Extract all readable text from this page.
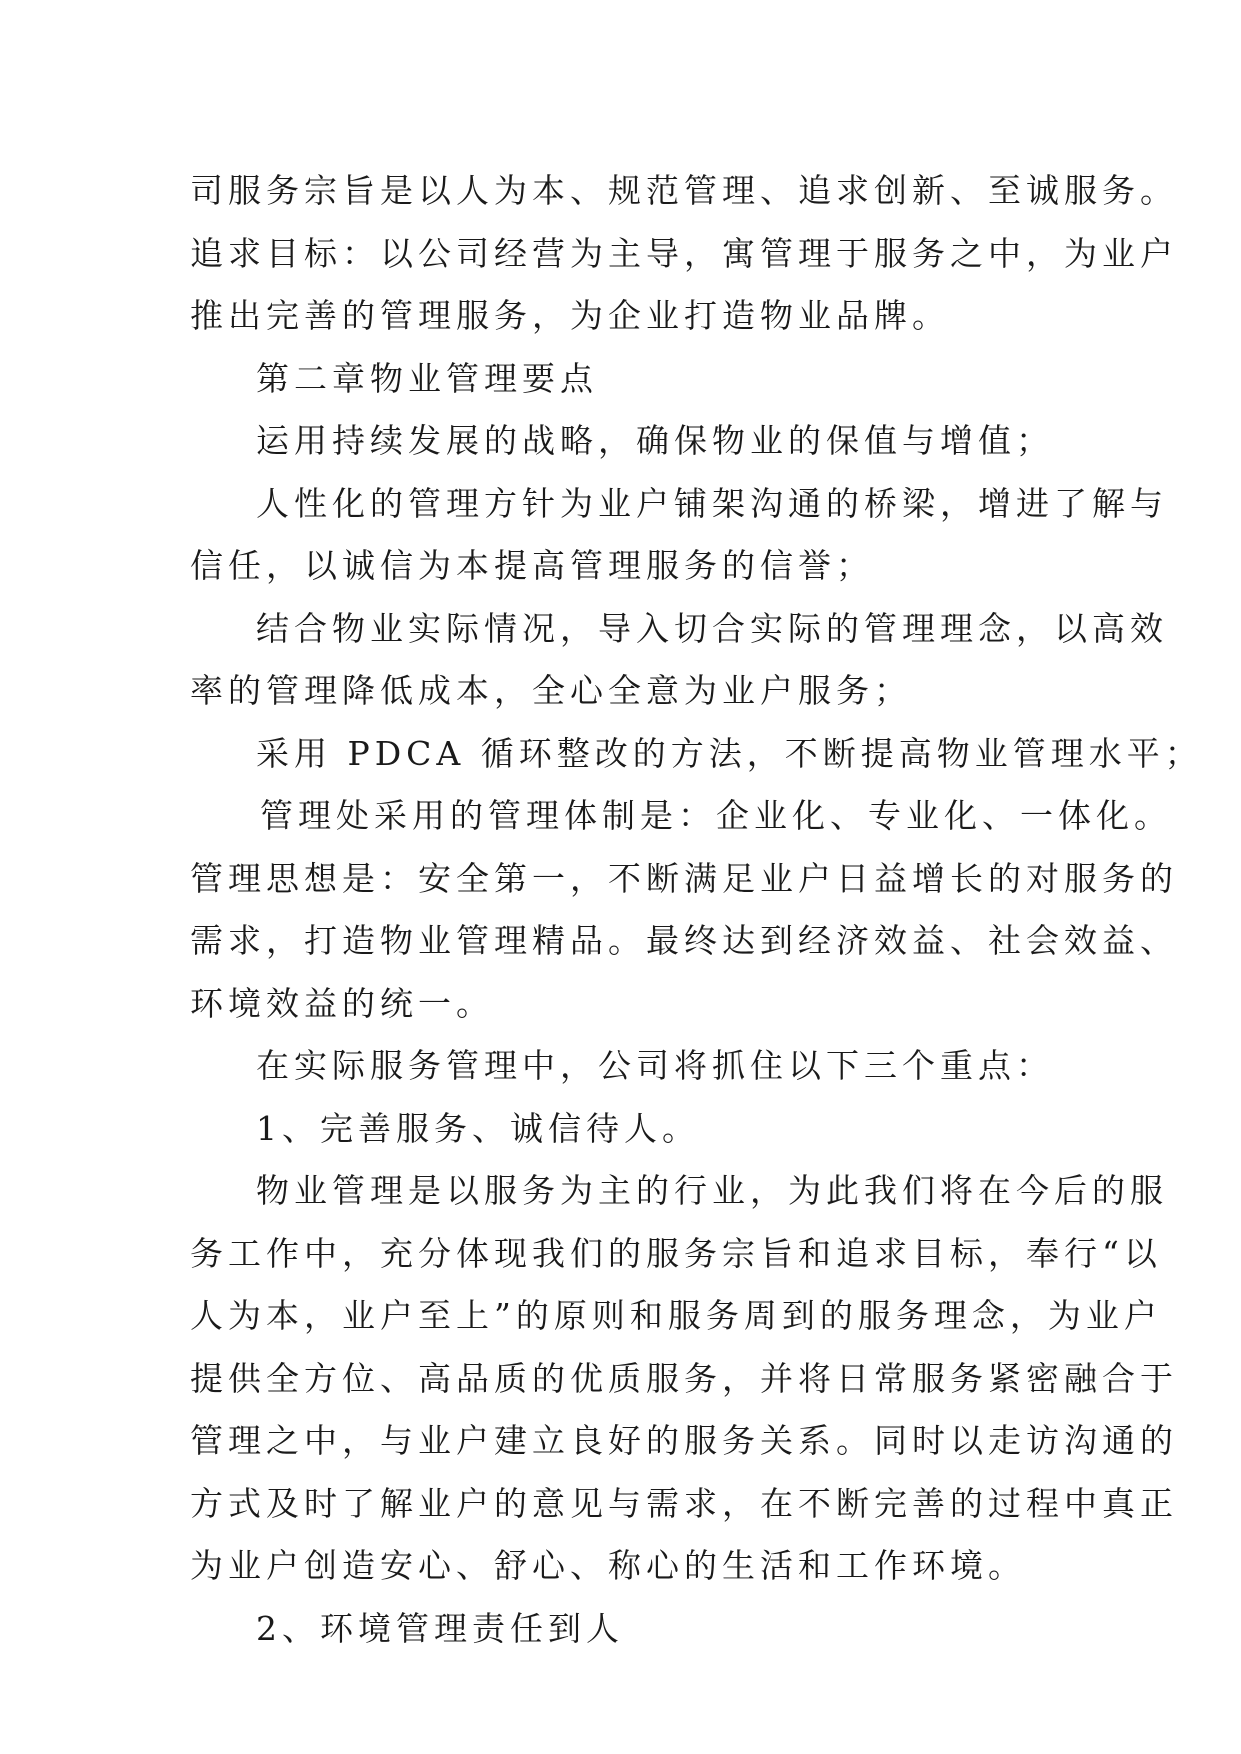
司服务宗旨是以人为本、规范管理、追求创新、至诚服务。
追求目标：以公司经营为主导，寓管理于服务之中，为业户
推出完善的管理服务，为企业打造物业品牌。
第二章物业管理要点
运用持续发展的战略，确保物业的保值与增值；
人性化的管理方针为业户铺架沟通的桥梁，增进了解与
信任，以诚信为本提高管理服务的信誉；
结合物业实际情况，导入切合实际的管理理念，以高效
率的管理降低成本，全心全意为业户服务；
采用 PDCA 循环整改的方法，不断提高物业管理水平；
管理处采用的管理体制是：企业化、专业化、一体化。
管理思想是：安全第一，不断满足业户日益增长的对服务的
需求，打造物业管理精品。最终达到经济效益、社会效益、
环境效益的统一。
在实际服务管理中，公司将抓住以下三个重点：
1、完善服务、诚信待人。
物业管理是以服务为主的行业，为此我们将在今后的服
务工作中，充分体现我们的服务宗旨和追求目标，奉行“以
人为本，业户至上”的原则和服务周到的服务理念，为业户
提供全方位、高品质的优质服务，并将日常服务紧密融合于
管理之中，与业户建立良好的服务关系。同时以走访沟通的
方式及时了解业户的意见与需求，在不断完善的过程中真正
为业户创造安心、舒心、称心的生活和工作环境。
2、环境管理责任到人
